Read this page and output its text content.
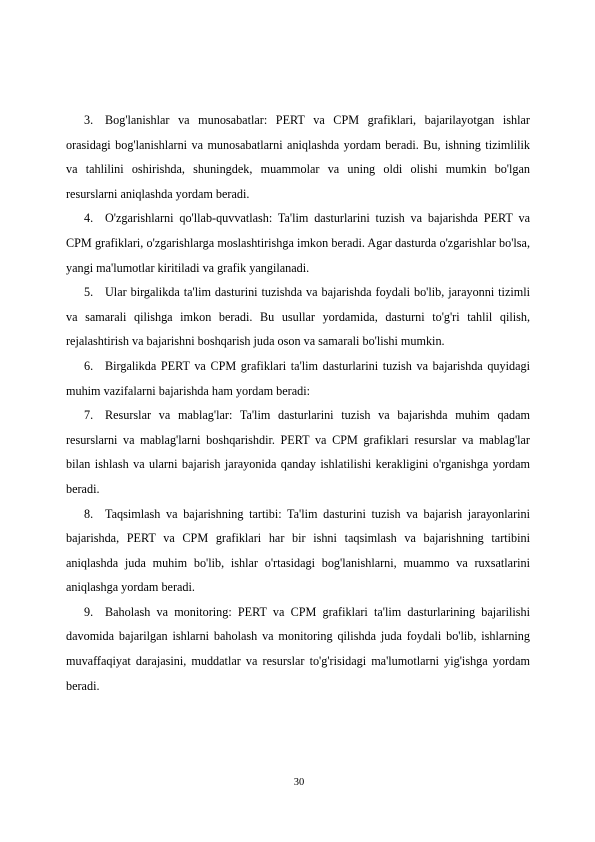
3. Bog'lanishlar va munosabatlar: PERT va CPM grafiklari, bajarilayotgan ishlar orasidagi bog'lanishlarni va munosabatlarni aniqlashda yordam beradi. Bu, ishning tizimlilik va tahlilini oshirishda, shuningdek, muammolar va uning oldi olishi mumkin bo'lgan resurslarni aniqlashda yordam beradi.

4. O'zgarishlarni qo'llab-quvvatlash: Ta'lim dasturlarini tuzish va bajarishda PERT va CPM grafiklari, o'zgarishlarga moslashtirishga imkon beradi. Agar dasturda o'zgarishlar bo'lsa, yangi ma'lumotlar kiritiladi va grafik yangilanadi.

5. Ular birgalikda ta'lim dasturini tuzishda va bajarishda foydali bo'lib, jarayonni tizimli va samarali qilishga imkon beradi. Bu usullar yordamida, dasturni to'g'ri tahlil qilish, rejalashtirish va bajarishni boshqarish juda oson va samarali bo'lishi mumkin.

6. Birgalikda PERT va CPM grafiklari ta'lim dasturlarini tuzish va bajarishda quyidagi muhim vazifalarni bajarishda ham yordam beradi:

7. Resurslar va mablag'lar: Ta'lim dasturlarini tuzish va bajarishda muhim qadam resurslarni va mablag'larni boshqarishdir. PERT va CPM grafiklari resurslar va mablag'lar bilan ishlash va ularni bajarish jarayonida qanday ishlatilishi kerakligini o'rganishga yordam beradi.

8. Taqsimlash va bajarishning tartibi: Ta'lim dasturini tuzish va bajarish jarayonlarini bajarishda, PERT va CPM grafiklari har bir ishni taqsimlash va bajarishning tartibini aniqlashda juda muhim bo'lib, ishlar o'rtasidagi bog'lanishlarni, muammo va ruxsatlarini aniqlashga yordam beradi.

9. Baholash va monitoring: PERT va CPM grafiklari ta'lim dasturlarining bajarilishi davomida bajarilgan ishlarni baholash va monitoring qilishda juda foydali bo'lib, ishlarning muvaffaqiyat darajasini, muddatlar va resurslar to'g'risidagi ma'lumotlarni yig'ishga yordam beradi.

30
